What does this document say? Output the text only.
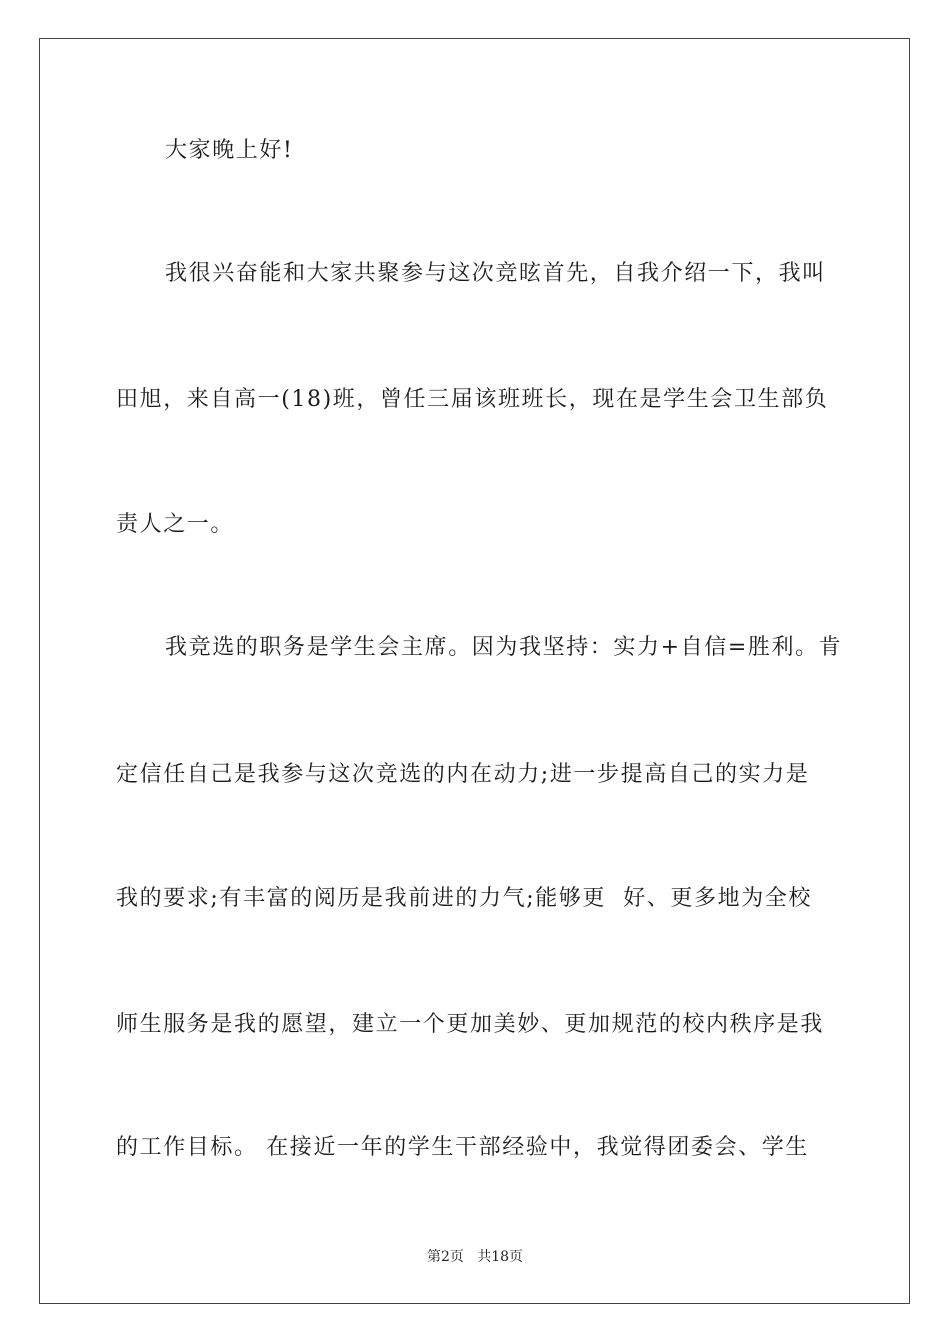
大家晚上好!
我很兴奋能和大家共聚参与这次竞昡首先，自我介绍一下，我叫
田旭，来自高一(18)班，曾任三届该班班长，现在是学生会卫生部负
责人之一。
我竞选的职务是学生会主席。因为我坚持：实力+自信=胜利。肯
定信任自己是我参与这次竞选的内在动力;进一步提高自己的实力是
我的要求;有丰富的阅历是我前进的力气;能够更  好、更多地为全校
师生服务是我的愿望，建立一个更加美妙、更加规范的校内秩序是我
的工作目标。 在接近一年的学生干部经验中，我觉得团委会、学生
第2页   共18页
